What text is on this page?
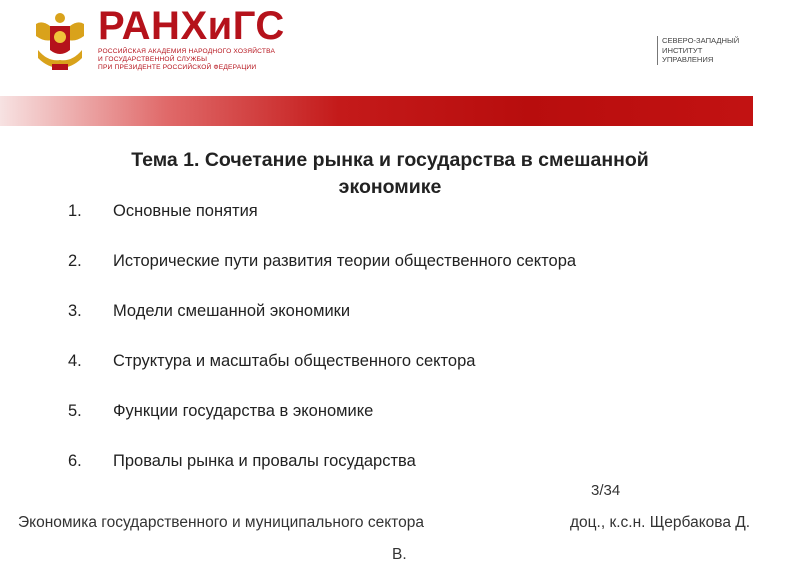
РАНХиГС
РОССИЙСКАЯ АКАДЕМИЯ НАРОДНОГО ХОЗЯЙСТВА
И ГОСУДАРСТВЕННОЙ СЛУЖБЫ
ПРИ ПРЕЗИДЕНТЕ РОССИЙСКОЙ ФЕДЕРАЦИИ
СЕВЕРО-ЗАПАДНЫЙ
ИНСТИТУТ
УПРАВЛЕНИЯ
Тема 1. Сочетание рынка и государства в смешанной
экономике
1.	Основные понятия
2.	Исторические пути развития теории общественного сектора
3.	Модели смешанной экономики
4.	Структура и масштабы общественного сектора
5.	Функции государства в экономике
6.	Провалы рынка и провалы государства
3/34
Экономика государственного и муниципального сектора	доц., к.с.н. Щербакова Д.
В.
